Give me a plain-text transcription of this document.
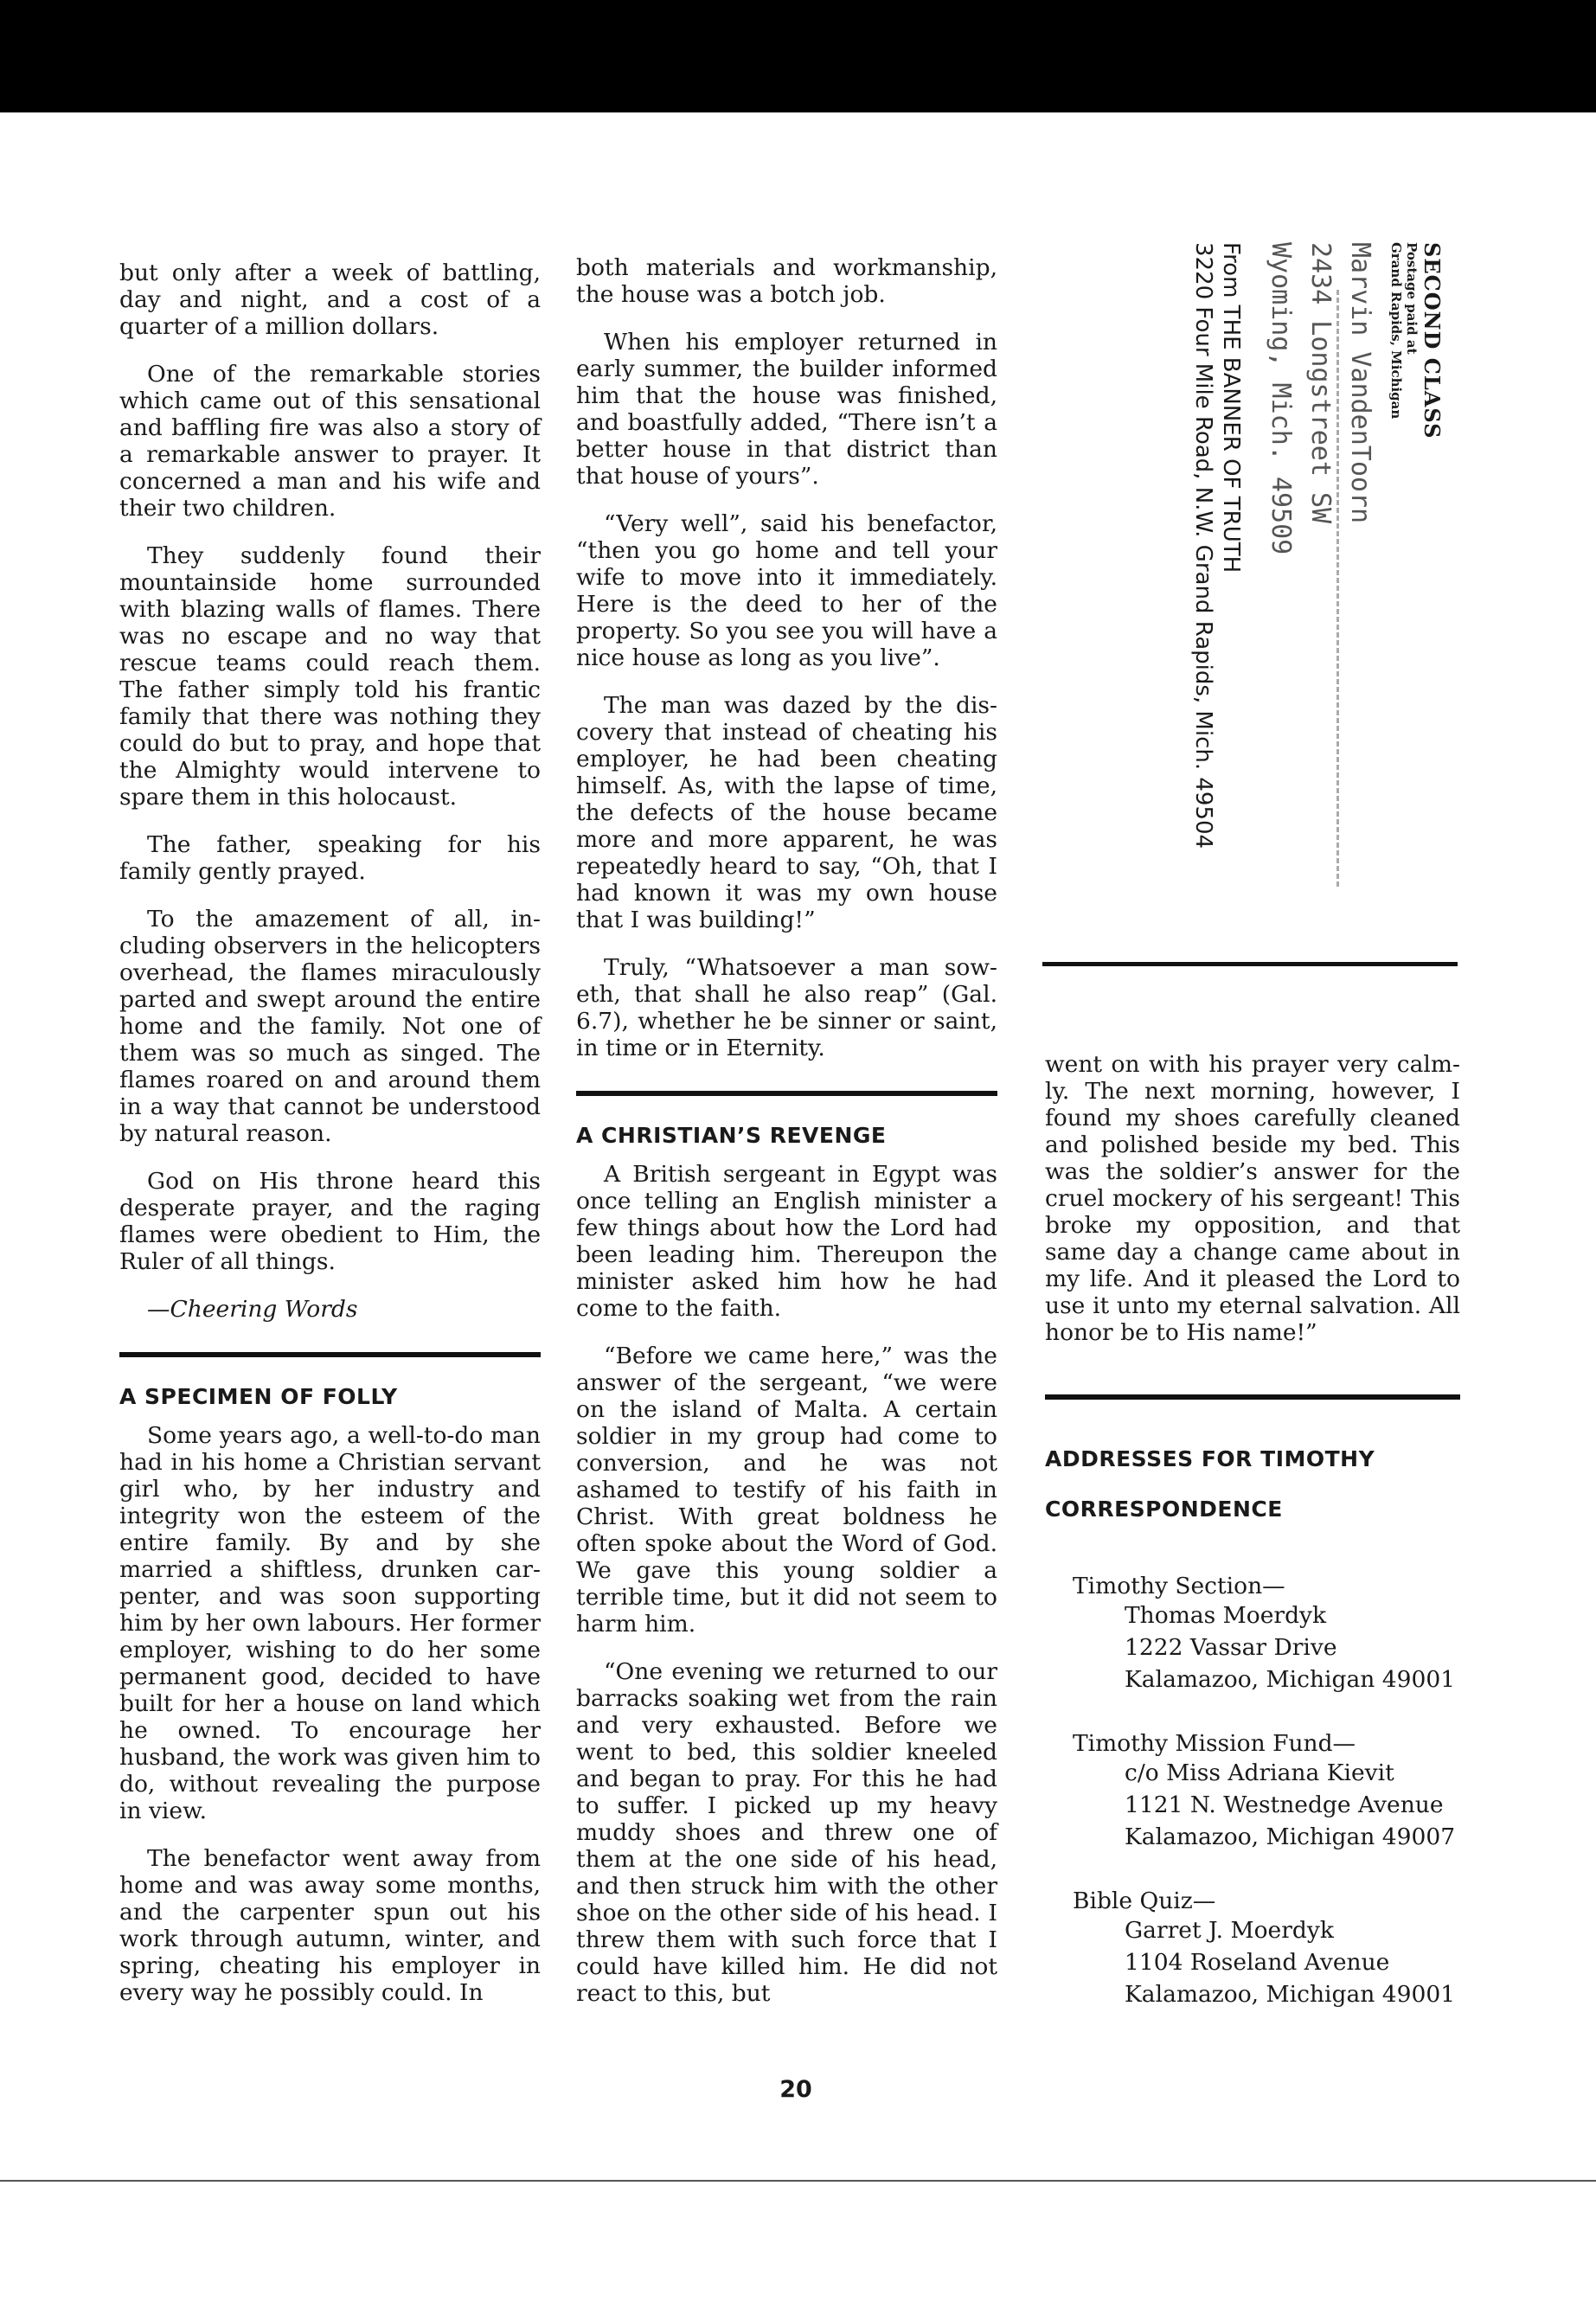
but only after a week of battling, day and night, and a cost of a quarter of a million dollars.

One of the remarkable stories which came out of this sensational and baffling fire was also a story of a remarkable answer to prayer. It concerned a man and his wife and their two children.

They suddenly found their mountainside home surrounded with blazing walls of flames. There was no escape and no way that rescue teams could reach them. The father simply told his frantic family that there was nothing they could do but to pray, and hope that the Almighty would intervene to spare them in this holocaust.

The father, speaking for his family gently prayed.

To the amazement of all, including observers in the helicopters overhead, the flames miraculously parted and swept around the entire home and the family. Not one of them was so much as singed. The flames roared on and around them in a way that cannot be understood by natural reason.

God on His throne heard this desperate prayer, and the raging flames were obedient to Him, the Ruler of all things.

—Cheering Words

A SPECIMEN OF FOLLY

Some years ago, a well-to-do man had in his home a Christian servant girl who, by her industry and integrity won the esteem of the entire family. By and by she married a shiftless, drunken carpenter, and was soon supporting him by her own labours. Her former employer, wishing to do her some permanent good, decided to have built for her a house on land which he owned. To encourage her husband, the work was given him to do, without revealing the purpose in view.

The benefactor went away from home and was away some months, and the carpenter spun out his work through autumn, winter, and spring, cheating his employer in every way he possibly could. In

both materials and workmanship, the house was a botch job.

When his employer returned in early summer, the builder informed him that the house was finished, and boastfully added, “There isn’t a better house in that district than that house of yours”.

“Very well”, said his benefactor, “then you go home and tell your wife to move into it immediately. Here is the deed to her of the property. So you see you will have a nice house as long as you live”.

The man was dazed by the discovery that instead of cheating his employer, he had been cheating himself. As, with the lapse of time, the defects of the house became more and more apparent, he was repeatedly heard to say, “Oh, that I had known it was my own house that I was building!”

Truly, “Whatsoever a man soweth, that shall he also reap” (Gal. 6.7), whether he be sinner or saint, in time or in Eternity.

A CHRISTIAN’S REVENGE

A British sergeant in Egypt was once telling an English minister a few things about how the Lord had been leading him. Thereupon the minister asked him how he had come to the faith.

“Before we came here,” was the answer of the sergeant, “we were on the island of Malta. A certain soldier in my group had come to conversion, and he was not ashamed to testify of his faith in Christ. With great boldness he often spoke about the Word of God. We gave this young soldier a terrible time, but it did not seem to harm him.

“One evening we returned to our barracks soaking wet from the rain and very exhausted. Before we went to bed, this soldier kneeled and began to pray. For this he had to suffer. I picked up my heavy muddy shoes and threw one of them at the one side of his head, and then struck him with the other shoe on the other side of his head. I threw them with such force that I could have killed him. He did not react to this, but

SECOND CLASS
Postage paid at
Grand Rapids, Michigan
Marvin VandenToorn
2434 Longstreet SW
Wyoming, Mich. 49509
From THE BANNER OF TRUTH
3220 Four Mile Road, N.W. Grand Rapids, Mich. 49504

went on with his prayer very calmly. The next morning, however, I found my shoes carefully cleaned and polished beside my bed. This was the soldier’s answer for the cruel mockery of his sergeant! This broke my opposition, and that same day a change came about in my life. And it pleased the Lord to use it unto my eternal salvation. All honor be to His name!”

ADDRESSES FOR TIMOTHY CORRESPONDENCE

Timothy Section—

Thomas Moerdyk

1222 Vassar Drive

Kalamazoo, Michigan 49001

Timothy Mission Fund—

c/o Miss Adriana Kievit

1121 N. Westnedge Avenue

Kalamazoo, Michigan 49007

Bible Quiz—

Garret J. Moerdyk

1104 Roseland Avenue

Kalamazoo, Michigan 49001

20
